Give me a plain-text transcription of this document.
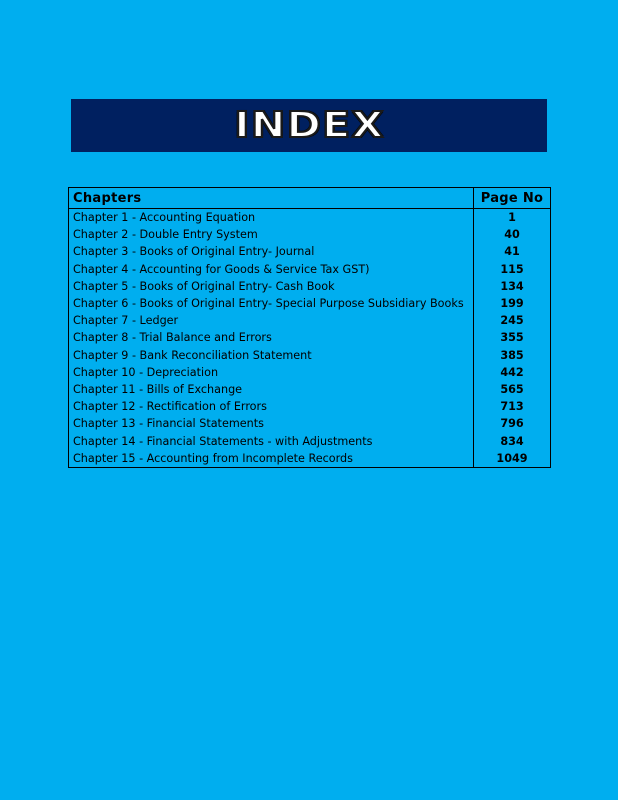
INDEX
Chapters	Page No
Chapter 1 - Accounting Equation	1
Chapter 2 - Double Entry System	40
Chapter 3 - Books of Original Entry- Journal	41
Chapter 4 - Accounting for Goods & Service Tax GST)	115
Chapter 5 - Books of Original Entry- Cash Book	134
Chapter 6 - Books of Original Entry- Special Purpose Subsidiary Books	199
Chapter 7 - Ledger	245
Chapter 8 - Trial Balance and Errors	355
Chapter 9 - Bank Reconciliation Statement	385
Chapter 10 - Depreciation	442
Chapter 11 - Bills of Exchange	565
Chapter 12 - Rectification of Errors	713
Chapter 13 - Financial Statements	796
Chapter 14 - Financial Statements - with Adjustments	834
Chapter 15 - Accounting from Incomplete Records	1049
